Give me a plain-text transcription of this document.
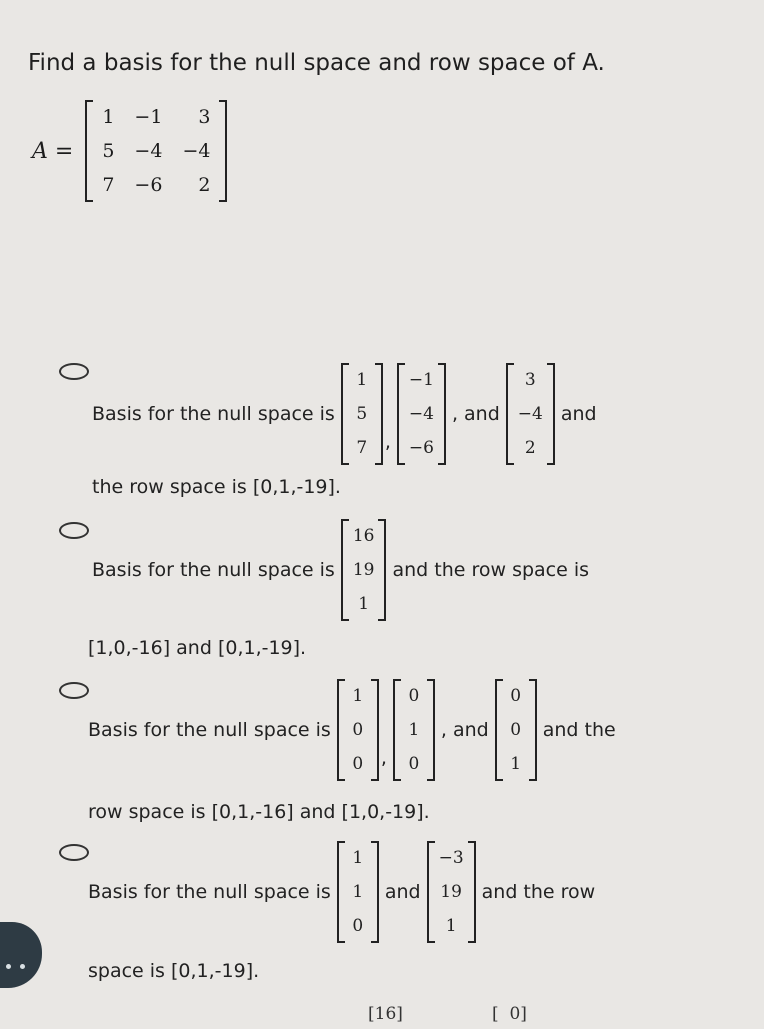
Find a basis for the null space and row space of A.
A =
1	−1	3
5	−4	−4
7	−6	2
Basis for the null space is
1
5
7 ,
−1
−4
−6
, and
3
−4
2
and
the row space is [0,1,-19].
Basis for the null space is
16
19
1
and the row space is
[1,0,-16] and [0,1,-19].
Basis for the null space is
1
0
0 ,
0
1
0
, and
0
0
1
and the
row space is [0,1,-16] and [1,0,-19].
Basis for the null space is
1
1
0
and
−3
19
1
and the row
space is [0,1,-19].
[16]	[  0]
